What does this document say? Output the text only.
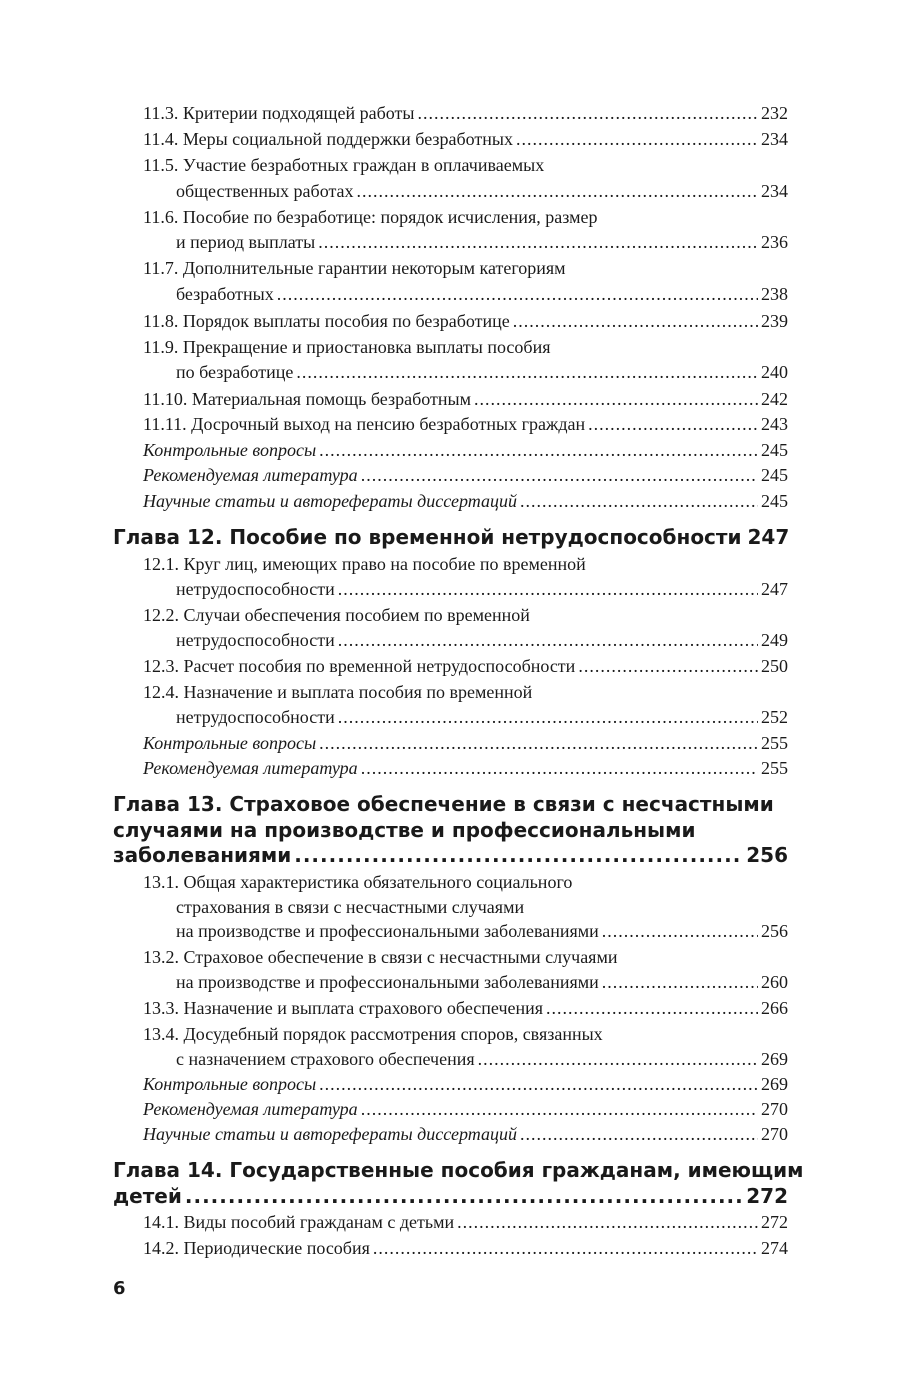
11.3. Критерии подходящей работы .....	232
11.4. Меры социальной поддержки безработных .....	234
11.5. Участие безработных граждан в оплачиваемых
общественных работах .....	234
11.6. Пособие по безработице: порядок исчисления, размер
и период выплаты .....	236
11.7. Дополнительные гарантии некоторым категориям
безработных .....	238
11.8. Порядок выплаты пособия по безработице .....	239
11.9. Прекращение и приостановка выплаты пособия
по безработице .....	240
11.10. Материальная помощь безработным .....	242
11.11. Досрочный выход на пенсию безработных граждан .....	243
Контрольные вопросы .....	245
Рекомендуемая литература .....	245
Научные статьи и авторефераты диссертаций .....	245
Глава 12. Пособие по временной нетрудоспособности 247
12.1. Круг лиц, имеющих право на пособие по временной
нетрудоспособности .....	247
12.2. Случаи обеспечения пособием по временной
нетрудоспособности .....	249
12.3. Расчет пособия по временной нетрудоспособности .....	250
12.4. Назначение и выплата пособия по временной
нетрудоспособности .....	252
Контрольные вопросы .....	255
Рекомендуемая литература .....	255
Глава 13. Страховое обеспечение в связи с несчастными
случаями на производстве и профессиональными
заболеваниями .....	256
13.1. Общая характеристика обязательного социального
страхования в связи с несчастными случаями
на производстве и профессиональными заболеваниями .....	256
13.2. Страховое обеспечение в связи с несчастными случаями
на производстве и профессиональными заболеваниями .....	260
13.3. Назначение и выплата страхового обеспечения .....	266
13.4. Досудебный порядок рассмотрения споров, связанных
с назначением страхового обеспечения .....	269
Контрольные вопросы .....	269
Рекомендуемая литература .....	270
Научные статьи и авторефераты диссертаций .....	270
Глава 14. Государственные пособия гражданам, имеющим
детей .....	272
14.1. Виды пособий гражданам с детьми .....	272
14.2. Периодические пособия .....	274
6
